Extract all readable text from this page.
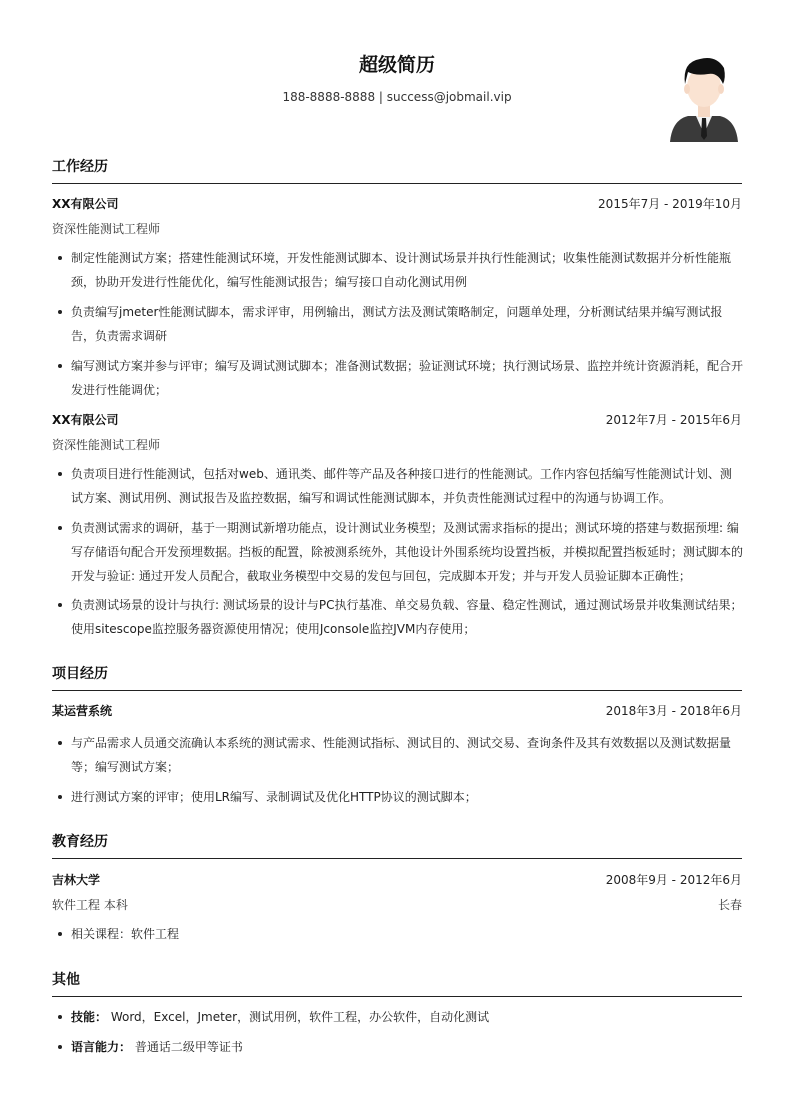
超级简历
188-8888-8888 | success@jobmail.vip
工作经历
XX有限公司	2015年7月 - 2019年10月
资深性能测试工程师
制定性能测试方案；搭建性能测试环境，开发性能测试脚本、设计测试场景并执行性能测试；收集性能测试数据并分析性能瓶颈，协助开发进行性能优化，编写性能测试报告；编写接口自动化测试用例
负责编写jmeter性能测试脚本，需求评审，用例输出，测试方法及测试策略制定，问题单处理，分析测试结果并编写测试报告，负责需求调研
编写测试方案并参与评审；编写及调试测试脚本；准备测试数据；验证测试环境；执行测试场景、监控并统计资源消耗，配合开发进行性能调优；
XX有限公司	2012年7月 - 2015年6月
资深性能测试工程师
负责项目进行性能测试，包括对web、通讯类、邮件等产品及各种接口进行的性能测试。工作内容包括编写性能测试计划、测试方案、测试用例、测试报告及监控数据，编写和调试性能测试脚本，并负责性能测试过程中的沟通与协调工作。
负责测试需求的调研，基于一期测试新增功能点，设计测试业务模型；及测试需求指标的提出；测试环境的搭建与数据预埋: 编写存储语句配合开发预埋数据。挡板的配置，除被测系统外，其他设计外围系统均设置挡板，并模拟配置挡板延时；测试脚本的开发与验证: 通过开发人员配合，截取业务模型中交易的发包与回包，完成脚本开发；并与开发人员验证脚本正确性；
负责测试场景的设计与执行: 测试场景的设计与PC执行基准、单交易负载、容量、稳定性测试，通过测试场景并收集测试结果；使用sitescope监控服务器资源使用情况；使用Jconsole监控JVM内存使用；
项目经历
某运营系统	2018年3月 - 2018年6月
与产品需求人员通交流确认本系统的测试需求、性能测试指标、测试目的、测试交易、查询条件及其有效数据以及测试数据量等；编写测试方案；
进行测试方案的评审；使用LR编写、录制调试及优化HTTP协议的测试脚本；
教育经历
吉林大学	2008年9月 - 2012年6月
软件工程 本科	长春
相关课程：软件工程
其他
技能： Word，Excel，Jmeter，测试用例，软件工程，办公软件，自动化测试
语言能力： 普通话二级甲等证书
